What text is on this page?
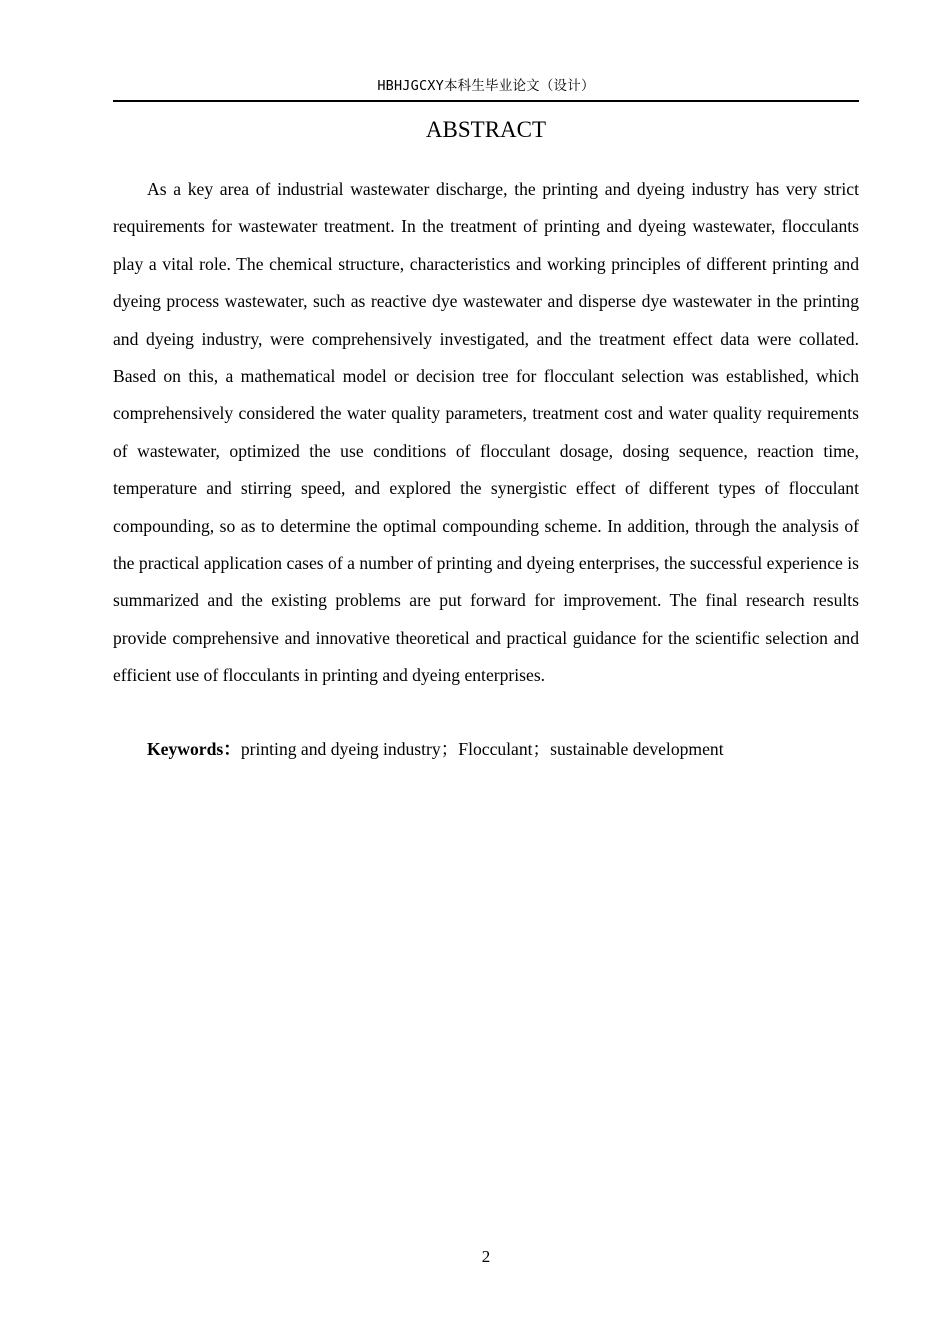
HBHJGCXY本科生毕业论文（设计）
ABSTRACT

As a key area of industrial wastewater discharge, the printing and dyeing industry has very strict requirements for wastewater treatment. In the treatment of printing and dyeing wastewater, flocculants play a vital role. The chemical structure, characteristics and working principles of different printing and dyeing process wastewater, such as reactive dye wastewater and disperse dye wastewater in the printing and dyeing industry, were comprehensively investigated, and the treatment effect data were collated. Based on this, a mathematical model or decision tree for flocculant selection was established, which comprehensively considered the water quality parameters, treatment cost and water quality requirements of wastewater, optimized the use conditions of flocculant dosage, dosing sequence, reaction time, temperature and stirring speed, and explored the synergistic effect of different types of flocculant compounding, so as to determine the optimal compounding scheme. In addition, through the analysis of the practical application cases of a number of printing and dyeing enterprises, the successful experience is summarized and the existing problems are put forward for improvement. The final research results provide comprehensive and innovative theoretical and practical guidance for the scientific selection and efficient use of flocculants in printing and dyeing enterprises.

Keywords：printing and dyeing industry；Flocculant；sustainable development

2
